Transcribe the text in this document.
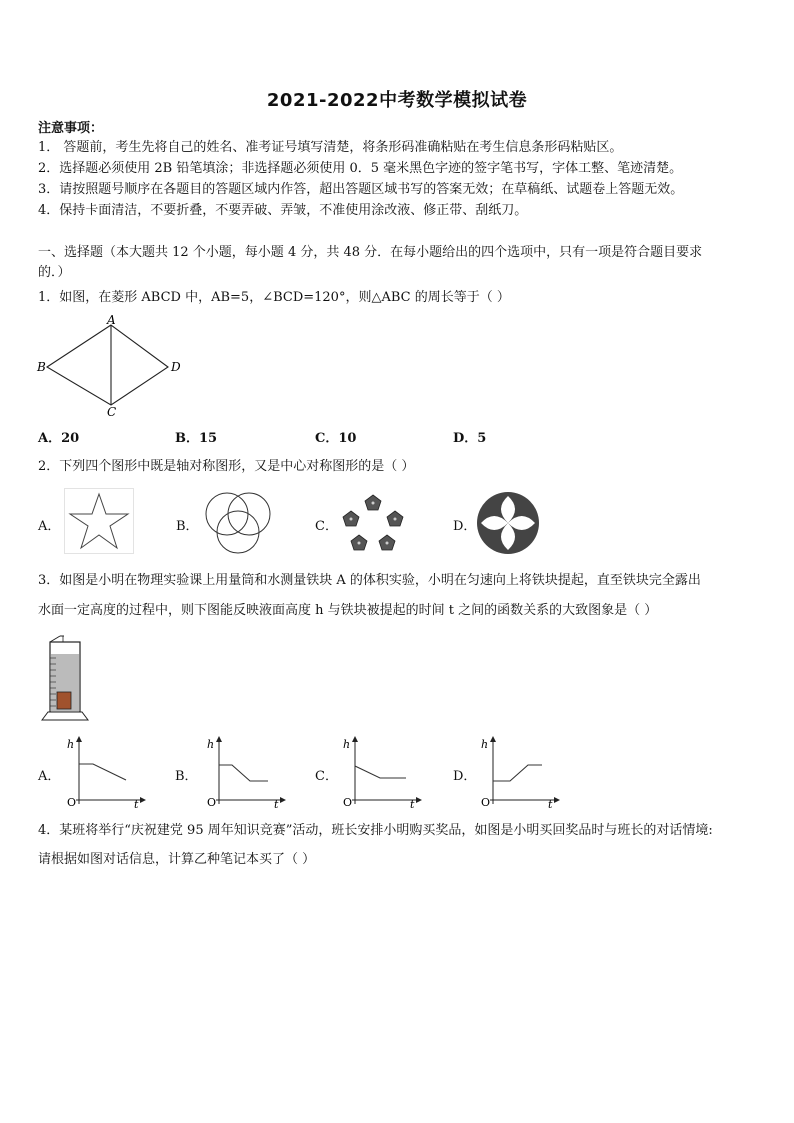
2021-2022中考数学模拟试卷
注意事项：
1． 答题前，考生先将自己的姓名、准考证号填写清楚，将条形码准确粘贴在考生信息条形码粘贴区。
2．选择题必须使用 2B 铅笔填涂；非选择题必须使用 0．5 毫米黑色字迹的签字笔书写，字体工整、笔迹清楚。
3．请按照题号顺序在各题目的答题区域内作答，超出答题区域书写的答案无效；在草稿纸、试题卷上答题无效。
4．保持卡面清洁，不要折叠，不要弄破、弄皱，不准使用涂改液、修正带、刮纸刀。
一、选择题（本大题共 12 个小题，每小题 4 分，共 48 分．在每小题给出的四个选项中，只有一项是符合题目要求
的．）
1．如图，在菱形 ABCD 中，AB=5，∠BCD=120°，则△ABC 的周长等于（ ）
A
B
C
D
A．20	B．15	C．10	D．5
2．下列四个图形中既是轴对称图形，又是中心对称图形的是（ ）
A．	B．	C．	D．
3．如图是小明在物理实验课上用量筒和水测量铁块 A 的体积实验，小明在匀速向上将铁块提起，直至铁块完全露出
水面一定高度的过程中，则下图能反映液面高度 h 与铁块被提起的时间 t 之间的函数关系的大致图象是（ ）
A．
h
t
O
B．
h
t
O
C．
h
t
O
D．
h
t
O
4．某班将举行“庆祝建党 95 周年知识竞赛”活动，班长安排小明购买奖品，如图是小明买回奖品时与班长的对话情境:
请根据如图对话信息，计算乙种笔记本买了（ ）
